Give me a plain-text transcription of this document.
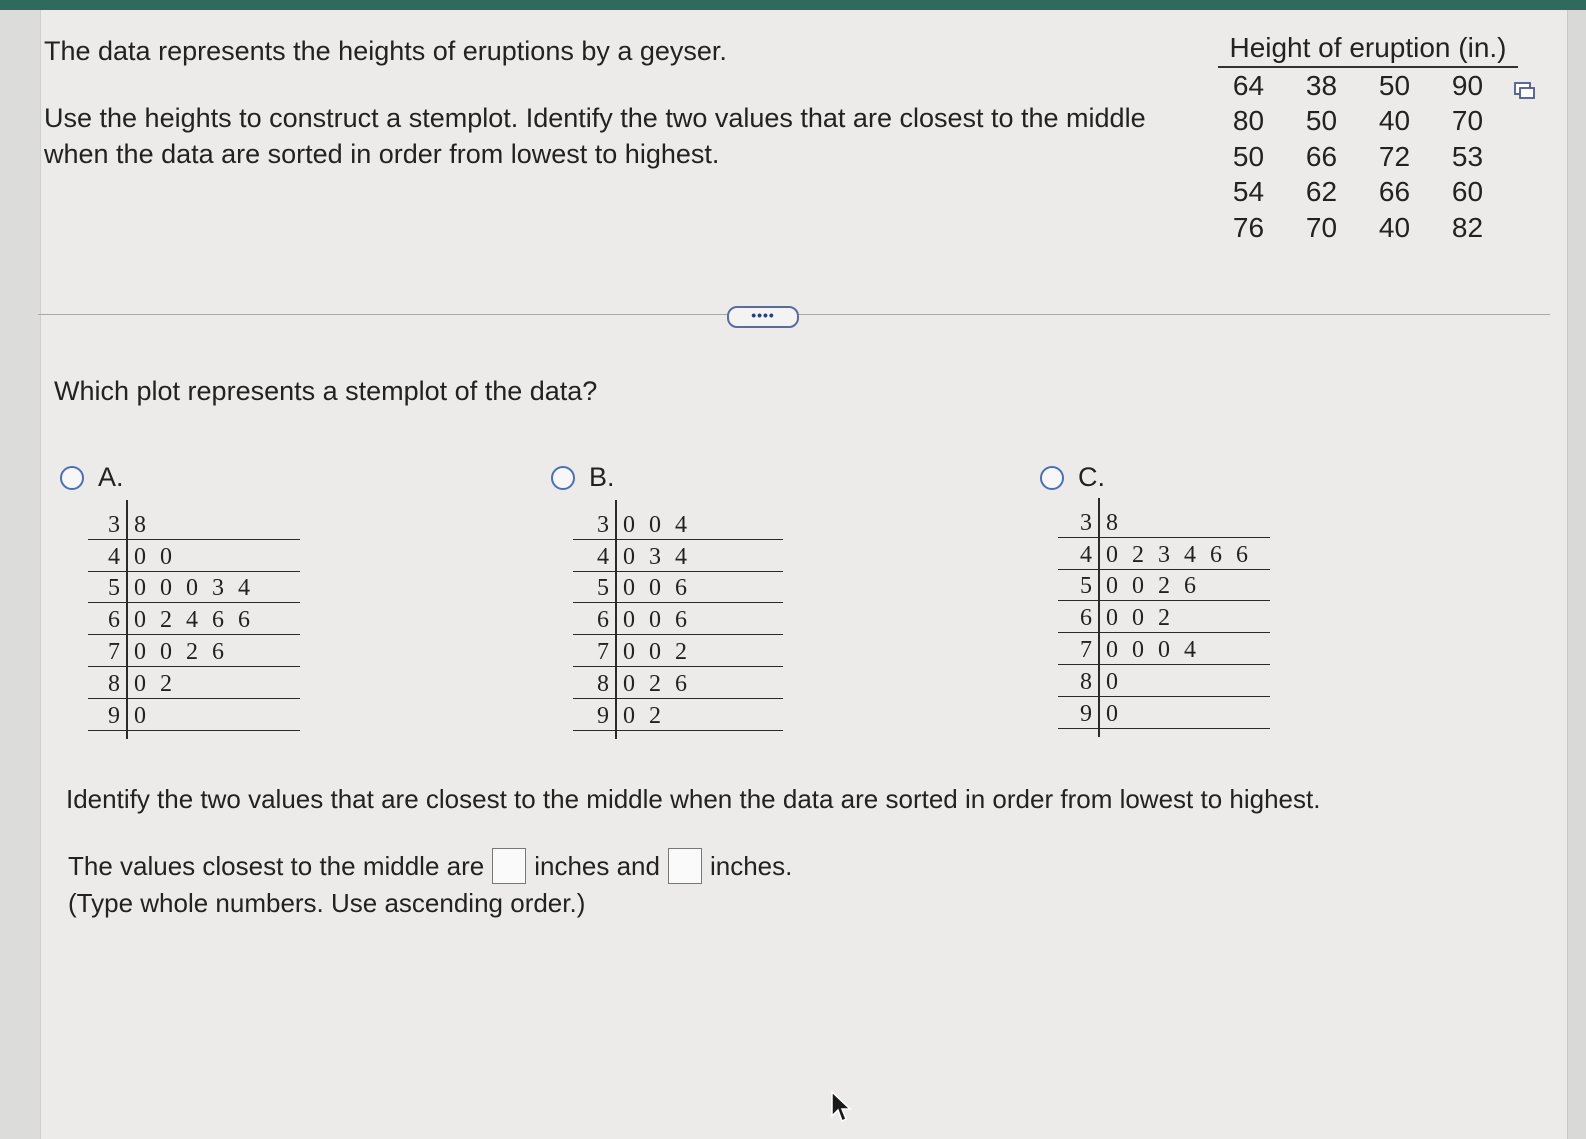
The data represents the heights of eruptions by a geyser.
Use the heights to construct a stemplot. Identify the two values that are closest to the middle when the data are sorted in order from lowest to highest.
Height of eruption (in.)
64	38	50	90
80	50	40	70
50	66	72	53
54	62	66	60
76	70	40	82
••••
Which plot represents a stemplot of the data?
A.
3 8
4 0 0
5 0 0 0 3 4
6 0 2 4 6 6
7 0 0 2 6
8 0 2
9 0
B.
3 0 0 4
4 0 3 4
5 0 0 6
6 0 0 6
7 0 0 2
8 0 2 6
9 0 2
C.
3 8
4 0 2 3 4 6 6
5 0 0 2 6
6 0 0 2
7 0 0 0 4
8 0
9 0
Identify the two values that are closest to the middle when the data are sorted in order from lowest to highest.
The values closest to the middle are inches and inches.
(Type whole numbers. Use ascending order.)
